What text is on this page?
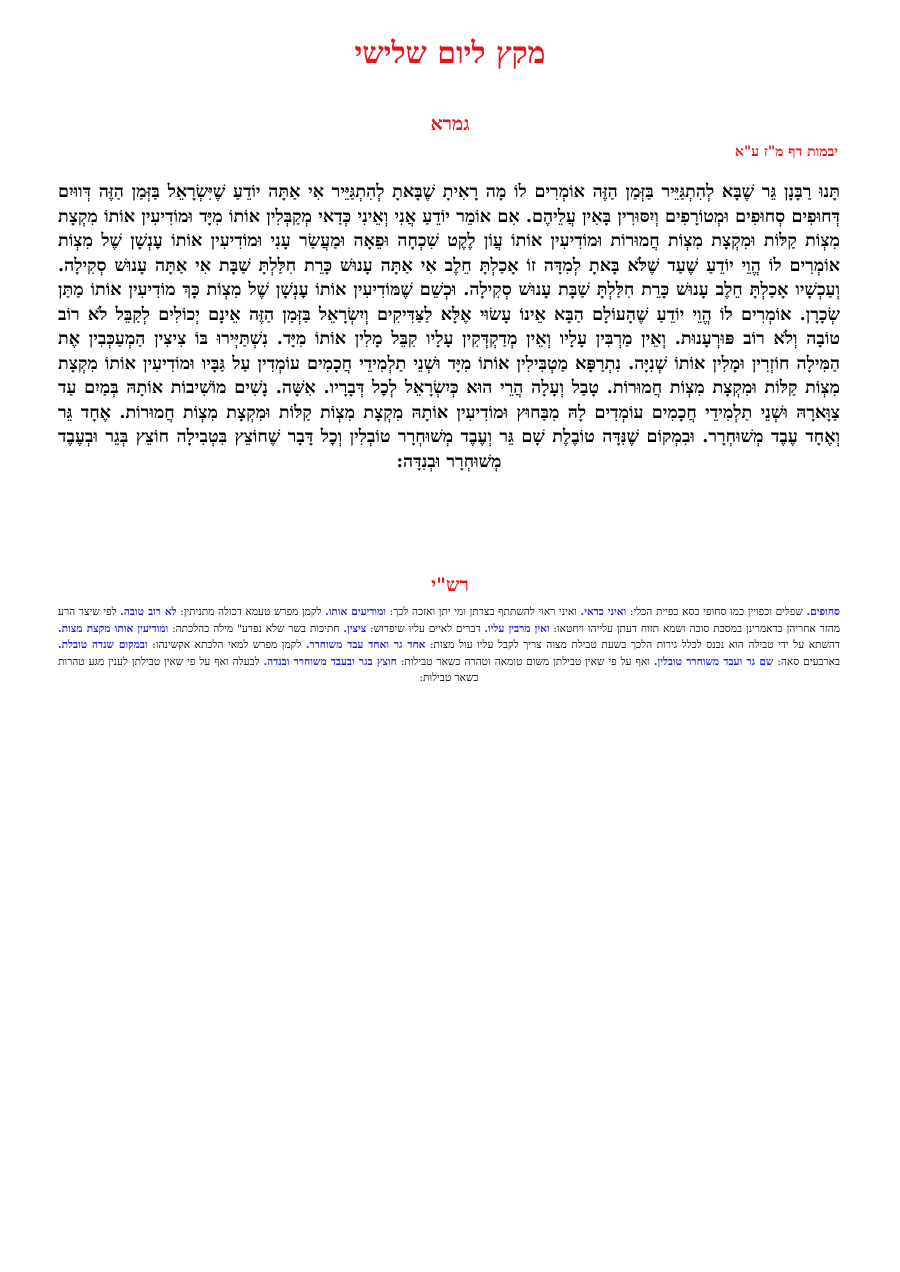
מקץ ליום שלישי
גמרא
יבמות דף מ"ז ע"א

תָּנוּ רַבָּנָן גֵּר שֶׁבָּא לְהִתְגַּיֵּיר בַּזְּמַן הַזֶּה אוֹמְרִים לוֹ מָה רָאִיתָ שֶׁבָּאתָ לְהִתְגַּיֵּיר אִי אַתָּה יוֹדֵעַ שֶׁיִּשְׂרָאֵל בַּזְּמַן הַזֶּה דְּווּיִם דְּחוּפִים סְחוּפִים וּמְטוֹרָפִים וְיִסּוּרִין בָּאִין עֲלֵיהֶם. אִם אוֹמֵר יוֹדֵעַ אֲנִי וְאֵינִי כְּדַאי מְקַבְּלִין אוֹתוֹ מִיָּד וּמוֹדִיעִין אוֹתוֹ מִקְצָת מִצְוֹת קַלּוֹת וּמִקְצָת מִצְוֹת חֲמוּרוֹת וּמוֹדִיעִין אוֹתוֹ עֲוֹן לֶקֶט שִׁכְחָה וּפֵאָה וּמַעֲשַׂר עָנִי וּמוֹדִיעִין אוֹתוֹ עׇנְשָׁן שֶׁל מִצְוֹת אוֹמְרִים לוֹ הֱוֵי יוֹדֵעַ שֶׁעַד שֶׁלֹּא בָּאתָ לְמִדָּה זוֹ אָכַלְתָּ חֵלֶב אִי אַתָּה עָנוּשׁ כָּרֵת חִלַּלְתָּ שַׁבָּת אִי אַתָּה עָנוּשׁ סְקִילָה. וְעַכְשָׁיו אָכַלְתָּ חֵלֶב עָנוּשׁ כָּרֵת חִלַּלְתָּ שַׁבָּת עָנוּשׁ סְקִילָה. וּכְשֵׁם שֶׁמּוֹדִיעִין אוֹתוֹ עׇנְשָׁן שֶׁל מִצְוֹת כָּךְ מוֹדִיעִין אוֹתוֹ מַתַּן שְׂכָרָן. אוֹמְרִים לוֹ הֱוֵי יוֹדֵעַ שֶׁהָעוֹלָם הַבָּא אֵינוֹ עָשׂוּי אֶלָּא לַצַּדִּיקִים וְיִשְׂרָאֵל בַּזְּמַן הַזֶּה אֵינָם יְכוֹלִים לְקַבֵּל לֹא רוֹב טוֹבָה וְלֹא רוֹב פּוּרְעָנוּת. וְאֵין מַרְבִּין עָלָיו וְאֵין מְדַקְדְּקִין עָלָיו קִבֵּל מָלִין אוֹתוֹ מִיָּד. נִשְׁתַּיְּירוּ בּוֹ צִיצִין הַמְעַכְּבִין אֶת הַמִּילָה חוֹזְרִין וּמָלִין אוֹתוֹ שְׁנִיָּה. נִתְרַפָּא מַטְבִּילִין אוֹתוֹ מִיָּד וּשְׁנֵי תַלְמִידֵי חֲכָמִים עוֹמְדִין עַל גַּבָּיו וּמוֹדִיעִין אוֹתוֹ מִקְצָת מִצְוֹת קַלּוֹת וּמִקְצָת מִצְוֹת חֲמוּרוֹת. טָבַל וְעָלָה הֲרֵי הוּא כְּיִשְׂרָאֵל לְכׇל דְּבָרָיו. אִשָּׁה. נָשִׁים מוֹשִׁיבוֹת אוֹתָהּ בְּמַיִם עַד צַוָּארָהּ וּשְׁנֵי תַלְמִידֵי חֲכָמִים עוֹמְדִים לָהּ מִבַּחוּץ וּמוֹדִיעִין אוֹתָהּ מִקְצָת מִצְוֹת קַלּוֹת וּמִקְצָת מִצְוֹת חֲמוּרוֹת. אֶחָד גֵּר וְאֶחָד עֶבֶד מְשׁוּחְרָר. וּבִמְקוֹם שֶׁנִּדָּה טוֹבֶלֶת שָׁם גֵּר וְעֶבֶד מְשׁוּחְרָר טוֹבְלִין וְכׇל דָּבָר שֶׁחוֹצֵץ בִּטְבִילָה חוֹצֵץ בְּגֵר וּבְעֶבֶד מְשׁוּחְרָר וּבְנִדָּה:

רש"י

סחופים. שפלים וכפויין כמו סחופי כסא כפיית הכלי: ואיני כדאי. ואיני ראוי להשתתף בצרתן ומי יתן ואזכה לכך: ומודיעים אותו. לקמן מפרש טעמא דכולה מתניתין: לא רוב טובה. לפי שיצר הרע מהזר אחריהן כדאמרינן במסכת סוכה ושמא תזוח דעתן עלייהו ויחטאו: ואין מרבין עליו. דברים לאיים עליו שיפרוש: ציצין. חתיכות בשר שלא נפרע" מילה כהלכתה: ומודיעין אותו מקצת מצות. דהשתא על ידי טבילה הוא נכנס לכלל גירות הלכך בשעת טבילת מצוה צריך לקבל עליו עול מצות: אחד גר ואחד עבד משוחרר. לקמן מפרש למאי הלכתא אקשינהו: ובמקום שנדה טובלת. בארבעים סאה: שם גר ועבד משוחרר טובלין. ואף על פי שאין טבילתן משום טומאה וטהרה כשאר טבילות: חוצץ בגר ובעבד משוחרר ובנדה. לבעלה ואף על פי שאין טבילתן לענין מגע טהרות כשאר טבילות:
